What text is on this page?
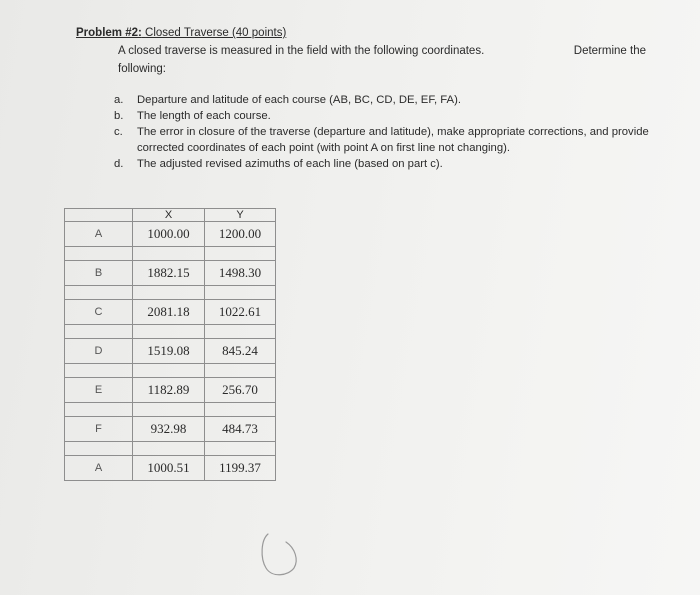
Problem #2: Closed Traverse (40 points)
A closed traverse is measured in the field with the following coordinates.	Determine the
following:
a.	Departure and latitude of each course (AB, BC, CD, DE, EF, FA).
b.	The length of each course.
c.	The error in closure of the traverse (departure and latitude), make appropriate corrections, and provide corrected coordinates of each point (with point A on first line not changing).
d.	The adjusted revised azimuths of each line (based on part c).
	X	Y
A	1000.00	1200.00

B	1882.15	1498.30

C	2081.18	1022.61

D	1519.08	845.24

E	1182.89	256.70

F	932.98	484.73

A	1000.51	1199.37
